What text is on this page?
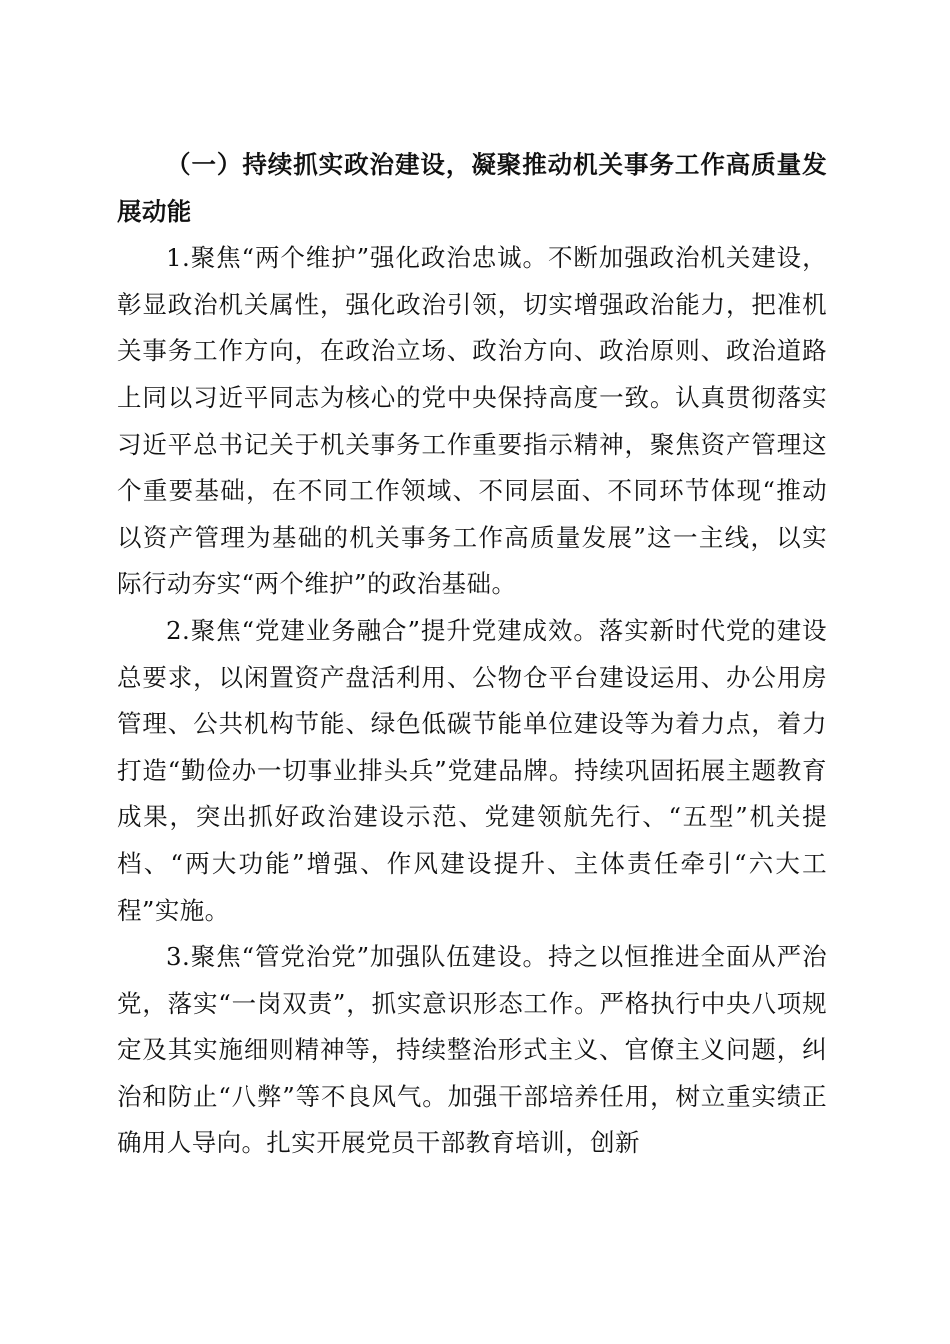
（一）持续抓实政治建设，凝聚推动机关事务工作高质量发展动能

1.聚焦“两个维护”强化政治忠诚。不断加强政治机关建设，彰显政治机关属性，强化政治引领，切实增强政治能力，把准机关事务工作方向，在政治立场、政治方向、政治原则、政治道路上同以习近平同志为核心的党中央保持高度一致。认真贯彻落实习近平总书记关于机关事务工作重要指示精神，聚焦资产管理这个重要基础，在不同工作领域、不同层面、不同环节体现“推动以资产管理为基础的机关事务工作高质量发展”这一主线，以实际行动夯实“两个维护”的政治基础。

2.聚焦“党建业务融合”提升党建成效。落实新时代党的建设总要求，以闲置资产盘活利用、公物仓平台建设运用、办公用房管理、公共机构节能、绿色低碳节能单位建设等为着力点，着力打造“勤俭办一切事业排头兵”党建品牌。持续巩固拓展主题教育成果，突出抓好政治建设示范、党建领航先行、“五型”机关提档、“两大功能”增强、作风建设提升、主体责任牵引“六大工程”实施。

3.聚焦“管党治党”加强队伍建设。持之以恒推进全面从严治党，落实“一岗双责”，抓实意识形态工作。严格执行中央八项规定及其实施细则精神等，持续整治形式主义、官僚主义问题，纠治和防止“八弊”等不良风气。加强干部培养任用，树立重实绩正确用人导向。扎实开展党员干部教育培训，创新
